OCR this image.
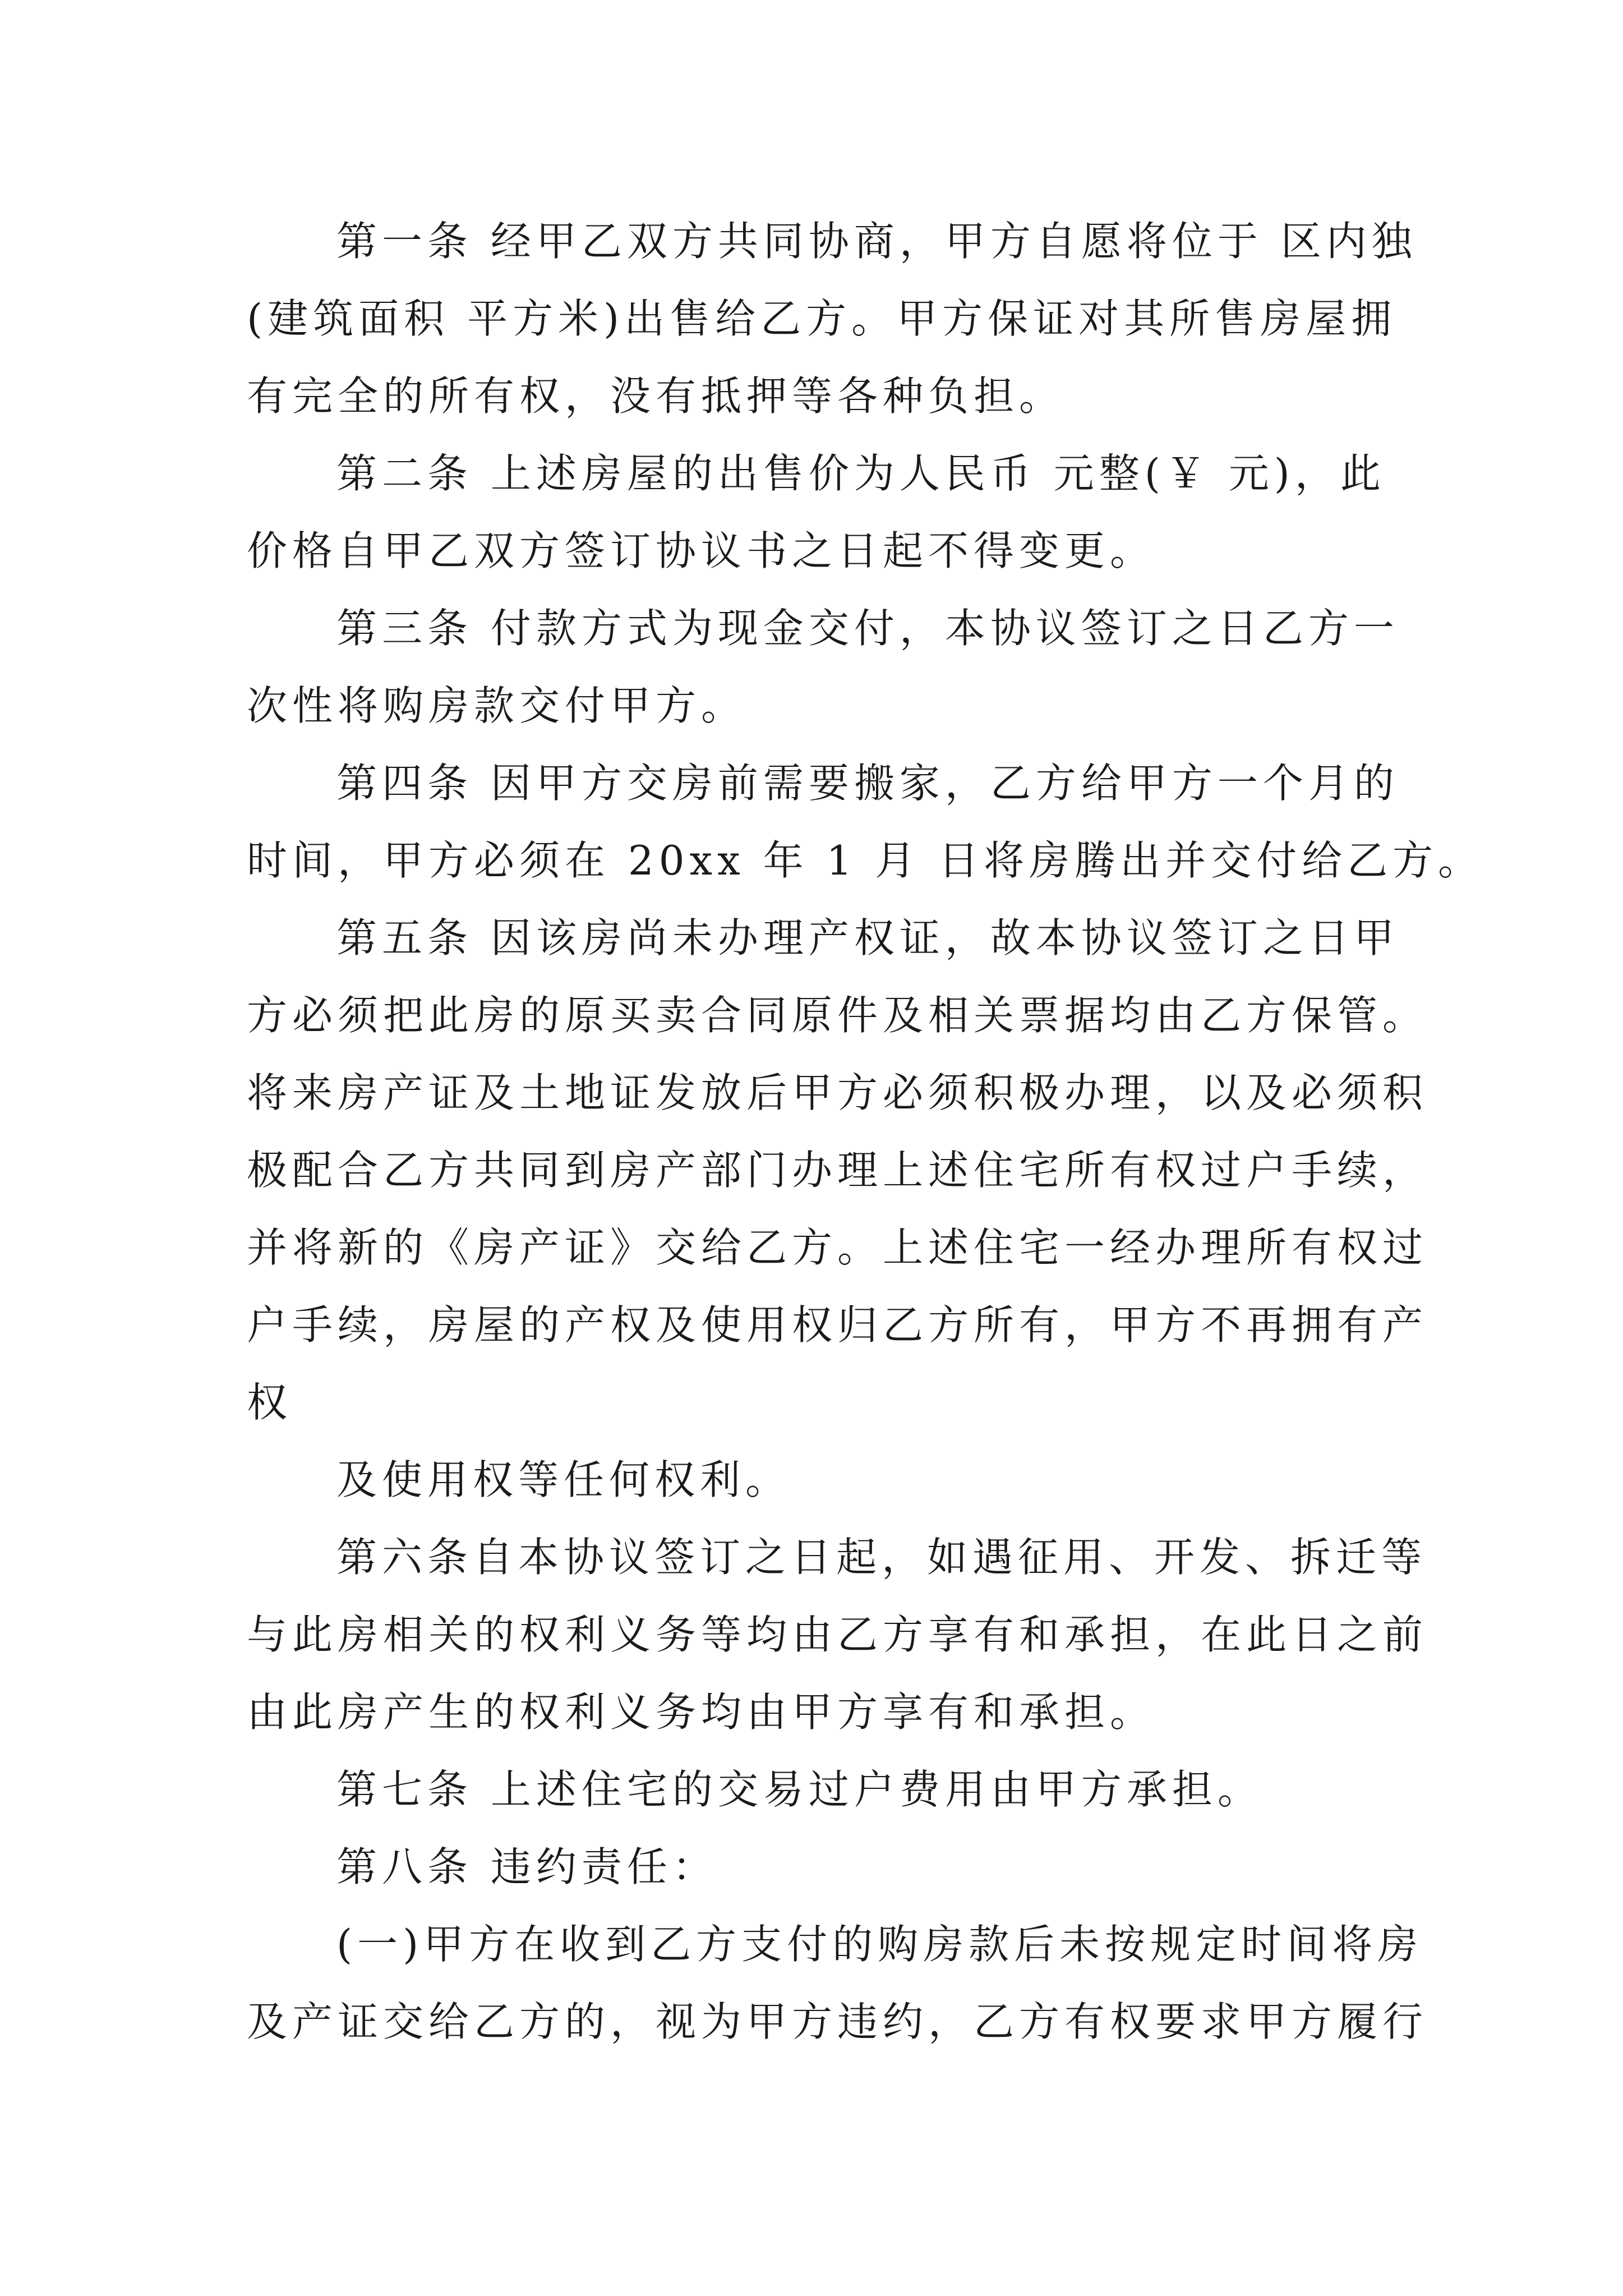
第一条 经甲乙双方共同协商，甲方自愿将位于 区内独
(建筑面积 平方米)出售给乙方。甲方保证对其所售房屋拥
有完全的所有权，没有抵押等各种负担。
第二条 上述房屋的出售价为人民币 元整(￥ 元)，此
价格自甲乙双方签订协议书之日起不得变更。
第三条 付款方式为现金交付，本协议签订之日乙方一
次性将购房款交付甲方。
第四条 因甲方交房前需要搬家，乙方给甲方一个月的
时间，甲方必须在 20xx 年 1 月 日将房腾出并交付给乙方。
第五条 因该房尚未办理产权证，故本协议签订之日甲
方必须把此房的原买卖合同原件及相关票据均由乙方保管。
将来房产证及土地证发放后甲方必须积极办理，以及必须积
极配合乙方共同到房产部门办理上述住宅所有权过户手续，
并将新的《房产证》交给乙方。上述住宅一经办理所有权过
户手续，房屋的产权及使用权归乙方所有，甲方不再拥有产
权
及使用权等任何权利。
第六条自本协议签订之日起，如遇征用、开发、拆迁等
与此房相关的权利义务等均由乙方享有和承担，在此日之前
由此房产生的权利义务均由甲方享有和承担。
第七条 上述住宅的交易过户费用由甲方承担。
第八条 违约责任：
(一)甲方在收到乙方支付的购房款后未按规定时间将房
及产证交给乙方的，视为甲方违约，乙方有权要求甲方履行
